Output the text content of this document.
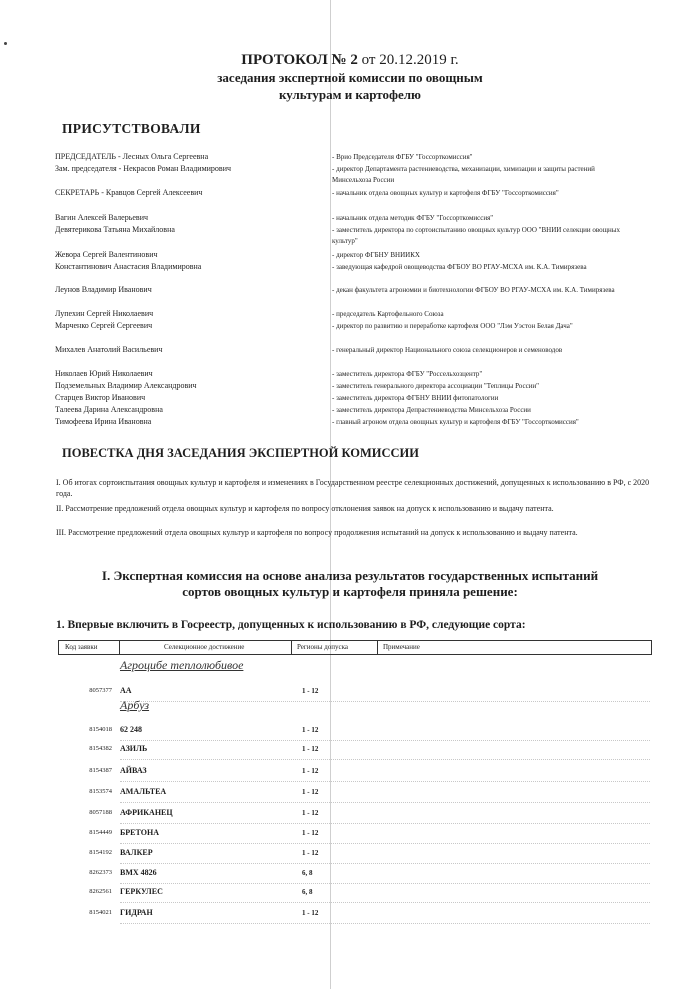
ПРОТОКОЛ № 2 от 20.12.2019 г.
заседания экспертной комиссии по овощным
культурам и картофелю
ПРИСУТСТВОВАЛИ
ПРЕДСЕДАТЕЛЬ - Лесных Ольга Сергеевна	- Врио Председателя ФГБУ "Госсорткомиссия"
Зам. председателя - Некрасов Роман Владимирович	- директор Департамента растениеводства, механизации, химизации и защиты растений Минсельхоза России
СЕКРЕТАРЬ - Кравцов Сергей Алексеевич	- начальник отдела овощных культур и картофеля ФГБУ "Госсорткомиссия"
Вагин Алексей Валерьевич	- начальник отдела методик ФГБУ "Госсорткомиссия"
Девятерикова Татьяна Михайловна	- заместитель директора по сортоиспытанию овощных культур ООО "ВНИИ селекции овощных культур"
Жевора Сергей Валентинович	- директор ФГБНУ ВНИИКХ
Константинович Анастасия Владимировна	- заведующая кафедрой овощеводства ФГБОУ ВО РГАУ-МСХА им. К.А. Тимирязева
Леунов Владимир Иванович	- декан факультета агрономии и биотехнологии ФГБОУ ВО РГАУ-МСХА им. К.А. Тимирязева
Лупехин Сергей Николаевич	- председатель Картофельного Союза
Марченко Сергей Сергеевич	- директор по развитию и переработке картофеля ООО "Лэм Уэстон Белая Дача"
Михалев Анатолий Васильевич	- генеральный директор Национального союза селекционеров и семеноводов
Николаев Юрий Николаевич	- заместитель директора ФГБУ "Россельхозцентр"
Подземельных Владимир Александрович	- заместитель генерального директора ассоциации "Теплицы России"
Старцев Виктор Иванович	- заместитель директора ФГБНУ ВНИИ фитопатологии
Талеева Дарина Александровна	- заместитель директора Депрастениеводства Минсельхоза России
Тимофеева Ирина Ивановна	- главный агроном отдела овощных культур и картофеля ФГБУ "Госсорткомиссия"
ПОВЕСТКА ДНЯ ЗАСЕДАНИЯ ЭКСПЕРТНОЙ КОМИССИИ
I. Об итогах сортоиспытания овощных культур и картофеля и изменениях в Государственном реестре селекционных достижений, допущенных к использованию в РФ, с 2020 года.
II. Рассмотрение предложений отдела овощных культур и картофеля по вопросу отклонения заявок на допуск к использованию и выдачу патента.
III. Рассмотрение предложений отдела овощных культур и картофеля по вопросу продолжения испытаний на допуск к использованию и выдачу патента.
I. Экспертная комиссия на основе анализа результатов государственных испытаний
сортов овощных культур и картофеля приняла решение:
1. Впервые включить в Госреестр, допущенных к использованию в РФ, следующие сорта:
Код заявки	Селекционное достижение	Регионы допуска	Примечание
Агроцибе теплолюбивое
8057377 АА	1 - 12
Арбуз
8154018 62 248	1 - 12
8154382 АЗИЛЬ	1 - 12
8154387 АЙВАЗ	1 - 12
8153574 АМАЛЬТЕА	1 - 12
8057188 АФРИКАНЕЦ	1 - 12
8154449 БРЕТОНА	1 - 12
8154192 ВАЛКЕР	1 - 12
8262373 ВМХ 4826	6, 8
8262561 ГЕРКУЛЕС	6, 8
8154021 ГИДРАН	1 - 12
